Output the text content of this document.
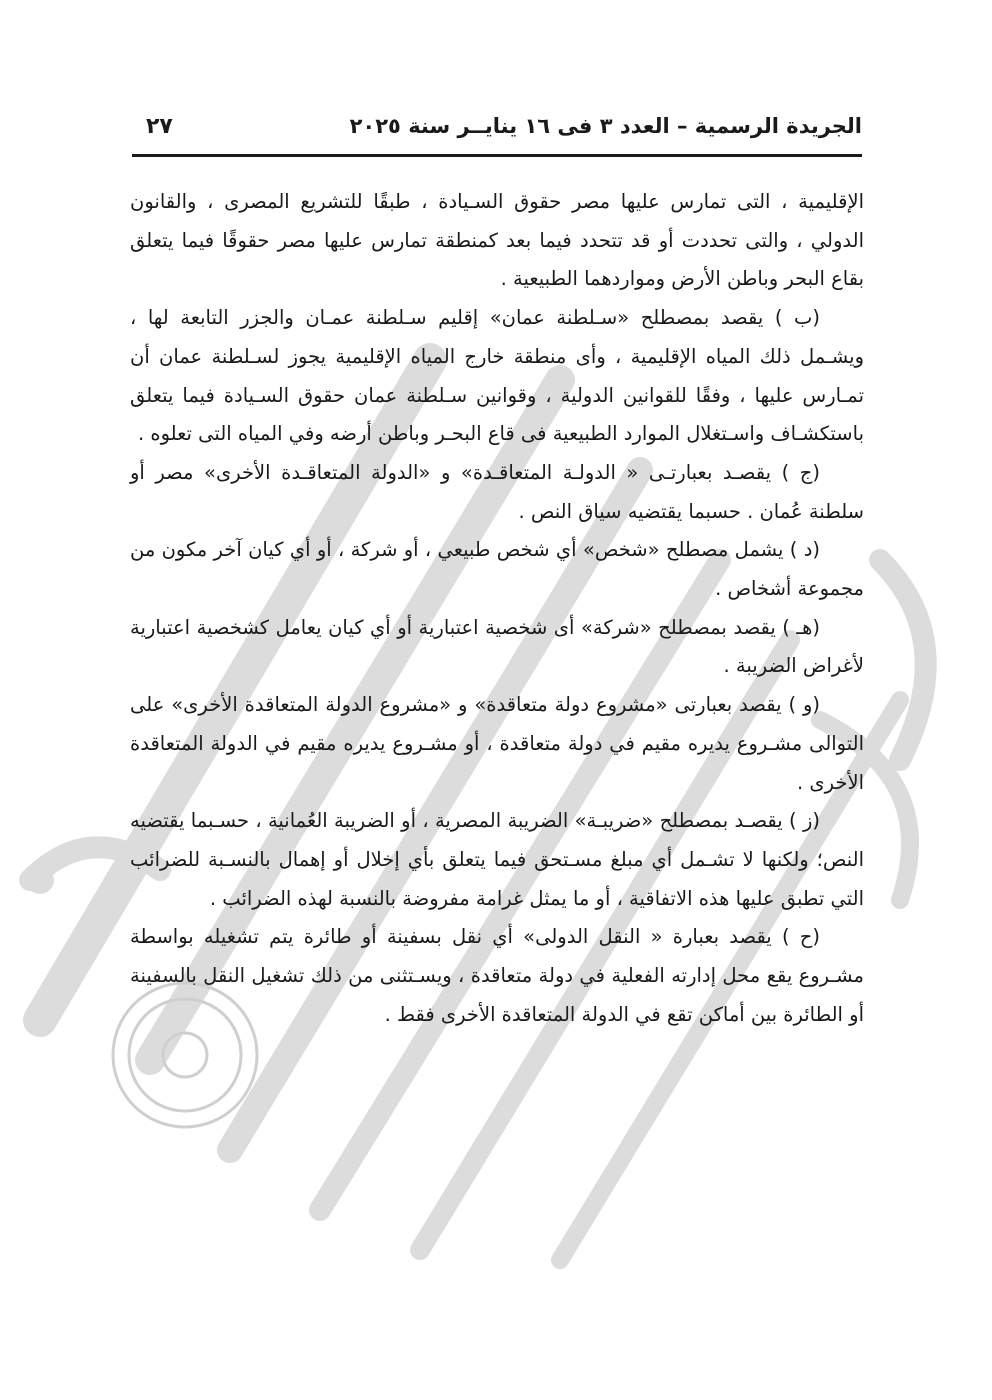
الجريدة الرسمية – العدد ٣ فى ١٦ ينايــر سنة ٢٠٢٥
٢٧

الإقليمية ، التى تمارس عليها مصر حقوق السـيادة ، طبقًا للتشريع المصرى ، والقانون الدولي ، والتى تحددت أو قد تتحدد فيما بعد كمنطقة تمارس عليها مصر حقوقًا فيما يتعلق بقاع البحر وباطن الأرض ومواردهما الطبيعية .

(ب ) يقصد بمصطلح «سـلطنة عمان» إقليم سـلطنة عمـان والجزر التابعة لها ، ويشـمل ذلك المياه الإقليمية ، وأى منطقة خارج المياه الإقليمية يجوز لسـلطنة عمان أن تمـارس عليها ، وفقًا للقوانين الدولية ، وقوانين سـلطنة عمان حقوق السـيادة فيما يتعلق باستكشـاف واسـتغلال الموارد الطبيعية فى قاع البحـر وباطن أرضه وفي المياه التى تعلوه .

(ج ) يقصـد بعبارتـى « الدولـة المتعاقـدة» و «الدولة المتعاقـدة الأخرى» مصر أو سلطنة عُمان . حسبما يقتضيه سياق النص .

(د ) يشمل مصطلح «شخص» أي شخص طبيعي ، أو شركة ، أو أي كيان آخر مكون من مجموعة أشخاص .

(هـ ) يقصد بمصطلح «شركة» أى شخصية اعتبارية أو أي كيان يعامل كشخصية اعتبارية لأغراض الضريبة .

(و ) يقصد بعبارتى «مشروع دولة متعاقدة» و «مشروع الدولة المتعاقدة الأخرى» على التوالى مشـروع يديره مقيم في دولة متعاقدة ، أو مشـروع يديره مقيم في الدولة المتعاقدة الأخرى .

(ز ) يقصـد بمصطلح «ضريبـة» الضريبة المصرية ، أو الضريبة العُمانية ، حسـبما يقتضيه النص؛ ولكنها لا تشـمل أي مبلغ مسـتحق فيما يتعلق بأي إخلال أو إهمال بالنسـبة للضرائب التي تطبق عليها هذه الاتفاقية ، أو ما يمثل غرامة مفروضة بالنسبة لهذه الضرائب .

(ح ) يقصد بعبارة « النقل الدولى» أي نقل بسفينة أو طائرة يتم تشغيله بواسطة مشـروع يقع محل إدارته الفعلية في دولة متعاقدة ، ويسـتثنى من ذلك تشغيل النقل بالسفينة أو الطائرة بين أماكن تقع في الدولة المتعاقدة الأخرى فقط .
